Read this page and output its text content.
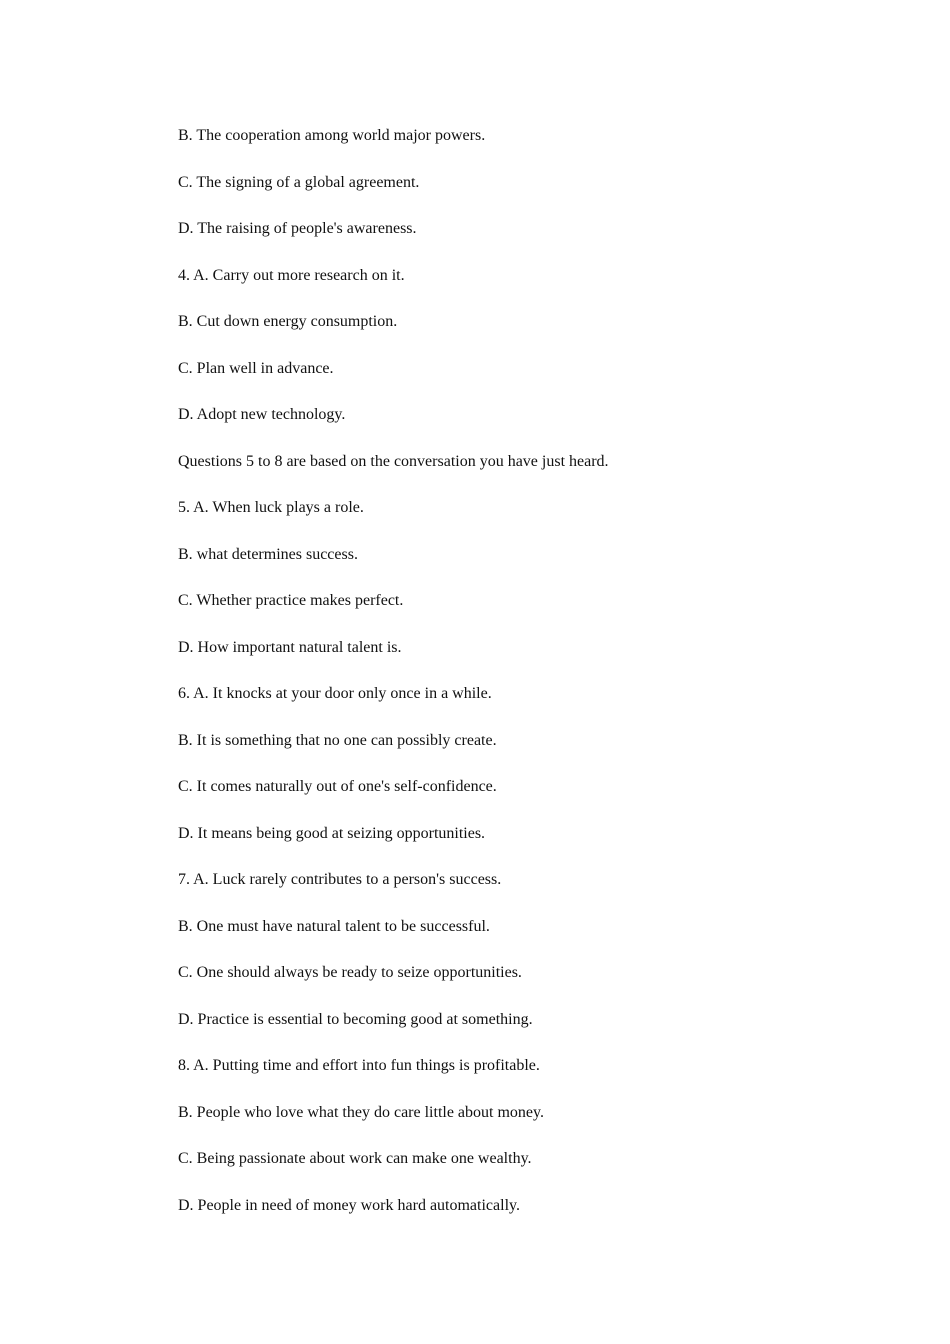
B. The cooperation among world major powers.

C. The signing of a global agreement.

D. The raising of people's awareness.

4. A. Carry out more research on it.

B. Cut down energy consumption.

C. Plan well in advance.

D. Adopt new technology.

Questions 5 to 8 are based on the conversation you have just heard.

5. A. When luck plays a role.

B. what determines success.

C. Whether practice makes perfect.

D. How important natural talent is.

6. A. It knocks at your door only once in a while.

B. It is something that no one can possibly create.

C. It comes naturally out of one's self-confidence.

D. It means being good at seizing opportunities.

7. A. Luck rarely contributes to a person's success.

B. One must have natural talent to be successful.

C. One should always be ready to seize opportunities.

D. Practice is essential to becoming good at something.

8. A. Putting time and effort into fun things is profitable.

B. People who love what they do care little about money.

C. Being passionate about work can make one wealthy.

D. People in need of money work hard automatically.
